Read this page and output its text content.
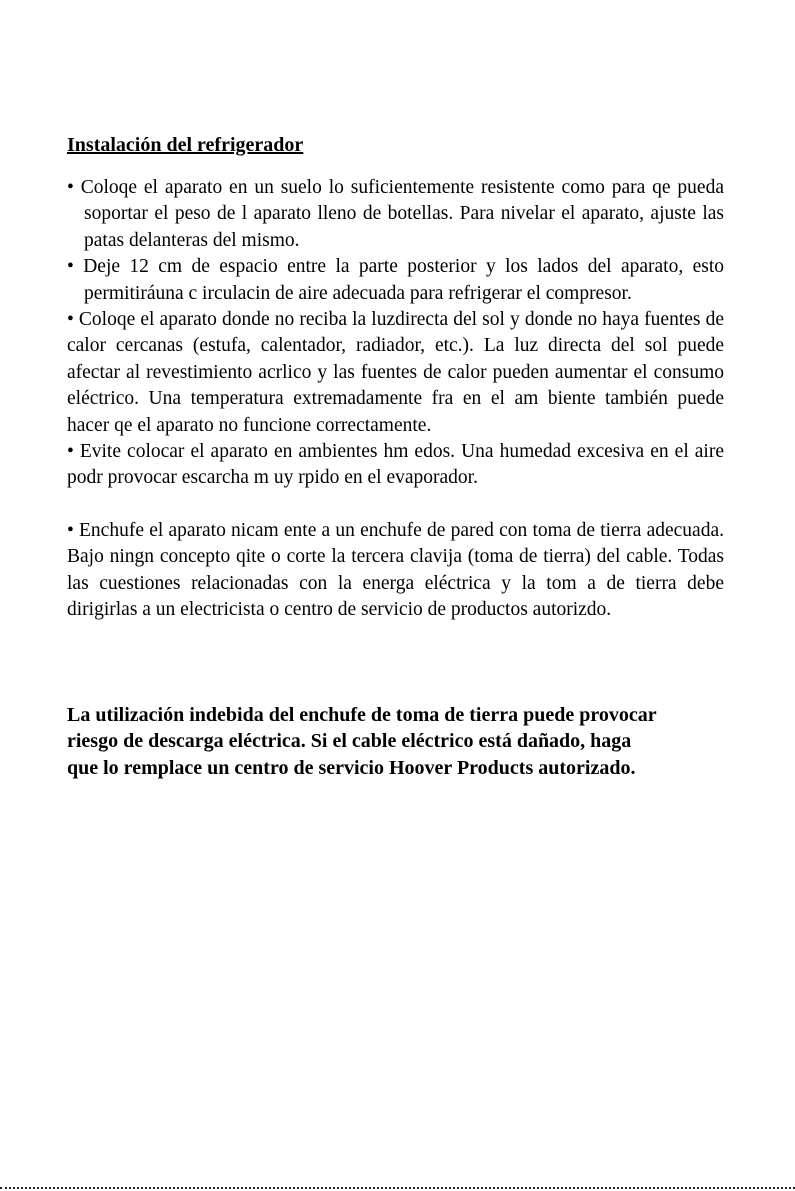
Instalación del refrigerador

• Coloqe el aparato en un suelo lo suficientemente resistente como para qe pueda soportar el peso de l aparato lleno de botellas. Para nivelar el aparato, ajuste las patas delanteras del mismo.

• Deje 12 cm de espacio entre la parte posterior y los lados del aparato, esto permitiráuna c irculacin de aire adecuada para refrigerar el compresor.

• Coloqe el aparato donde no reciba la luzdirecta del sol y donde no haya fuentes de calor cercanas (estufa, calentador, radiador, etc.). La luz directa del sol puede afectar al revestimiento acrlico y las fuentes de calor pueden aumentar el consumo eléctrico. Una temperatura extremadamente fra en el am biente también puede hacer qe el aparato no funcione correctamente.

• Evite colocar el aparato en ambientes hm edos. Una humedad excesiva en el aire podr provocar escarcha m uy rpido en el evaporador.

• Enchufe el aparato nicam ente a un enchufe de pared con toma de tierra adecuada. Bajo ningn concepto qite o corte la tercera clavija (toma de tierra) del cable. Todas las cuestiones relacionadas con la energa eléctrica y la tom a de tierra debe dirigirlas a un electricista o centro de servicio de productos autorizdo.

La utilización indebida del enchufe de toma de tierra puede provocar riesgo de descarga eléctrica. Si el cable eléctrico está dañado, haga que lo remplace un centro de servicio Hoover Products autorizado.
